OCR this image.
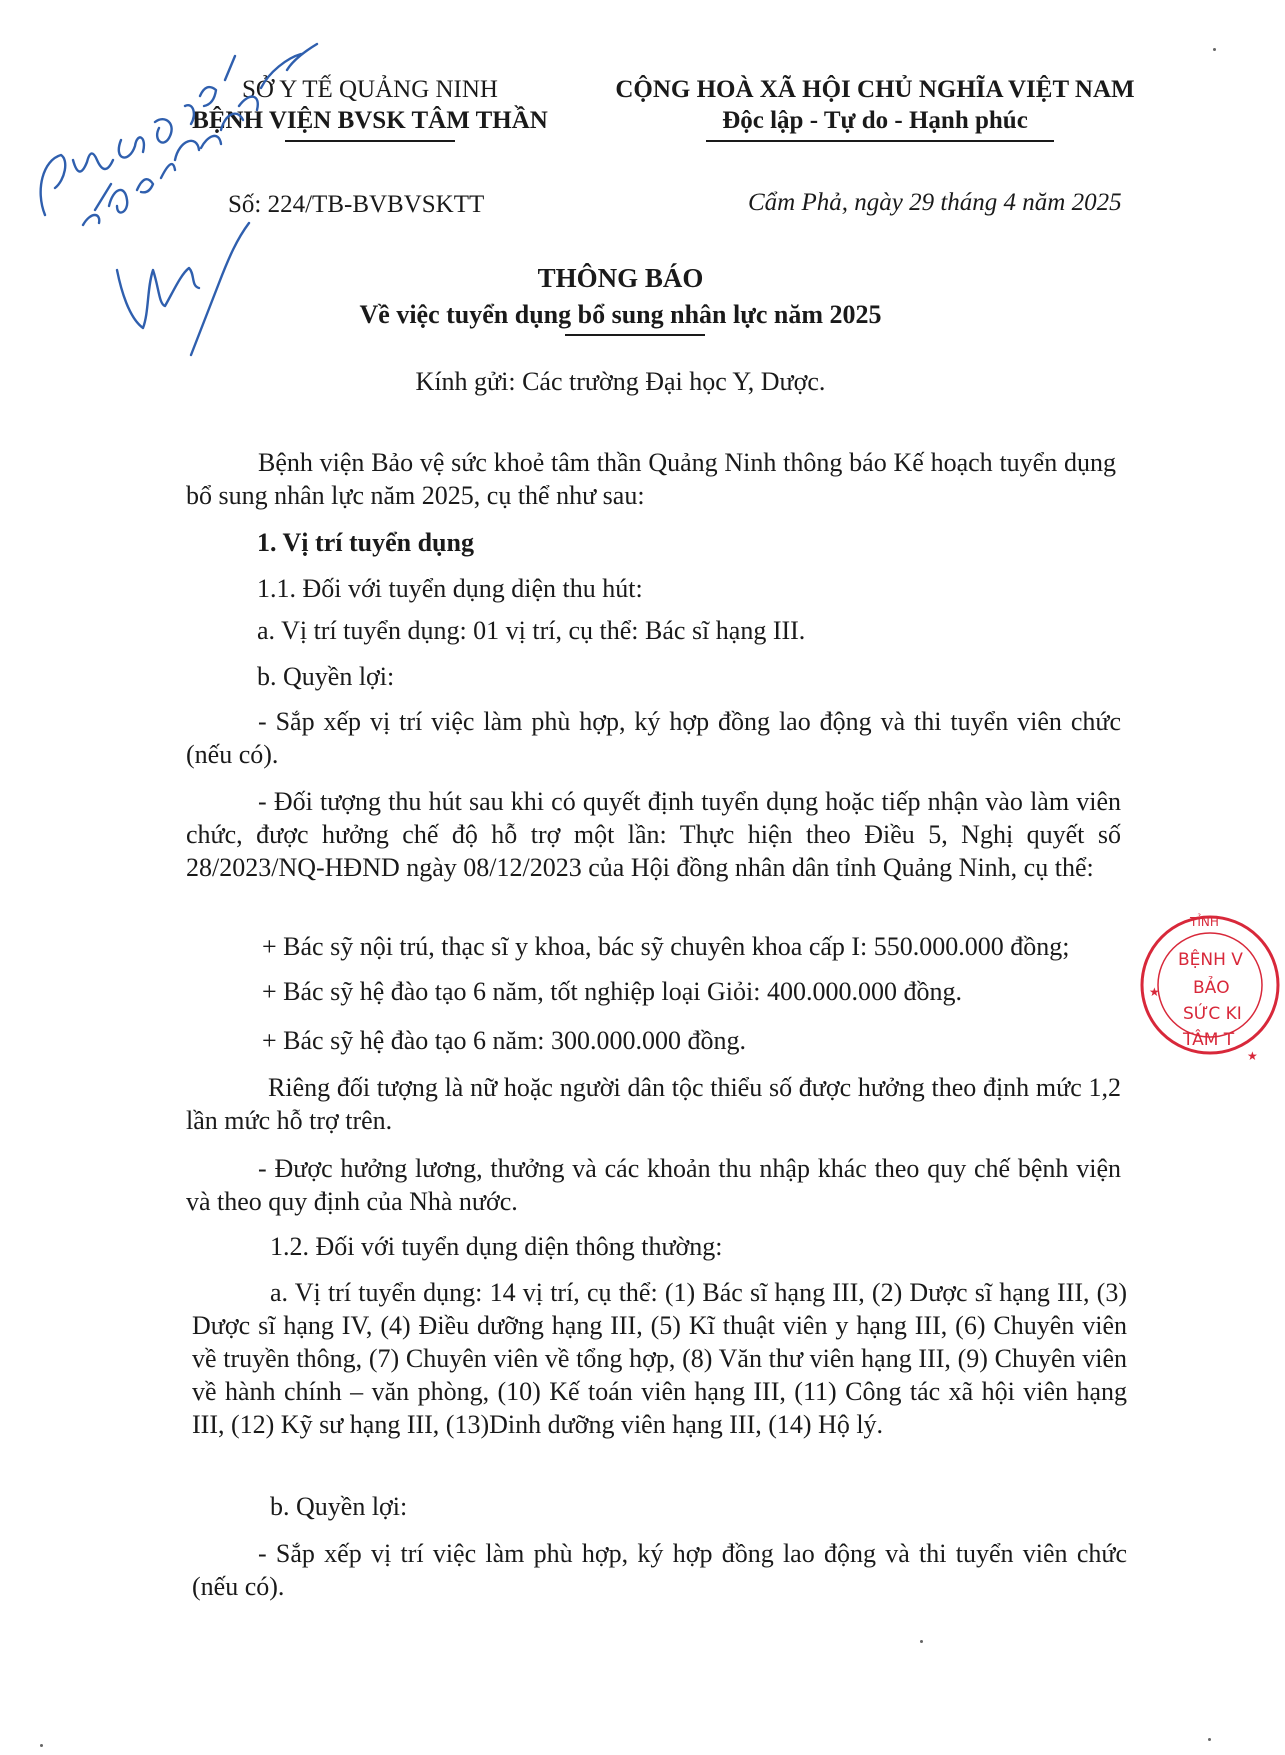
SỞ Y TẾ QUẢNG NINH
BỆNH VIỆN BVSK TÂM THẦN
CỘNG HOÀ XÃ HỘI CHỦ NGHĨA VIỆT NAM
Độc lập - Tự do - Hạnh phúc
Số: 224/TB-BVBVSKTT	Cẩm Phả, ngày 29 tháng 4 năm 2025
THÔNG BÁO
Về việc tuyển dụng bổ sung nhân lực năm 2025
Kính gửi: Các trường Đại học Y, Dược.
Bệnh viện Bảo vệ sức khoẻ tâm thần Quảng Ninh thông báo Kế hoạch tuyển dụng bổ sung nhân lực năm 2025, cụ thể như sau:
1. Vị trí tuyển dụng
1.1. Đối với tuyển dụng diện thu hút:
a. Vị trí tuyển dụng: 01 vị trí, cụ thể: Bác sĩ hạng III.
b. Quyền lợi:
- Sắp xếp vị trí việc làm phù hợp, ký hợp đồng lao động và thi tuyển viên chức (nếu có).
- Đối tượng thu hút sau khi có quyết định tuyển dụng hoặc tiếp nhận vào làm viên chức, được hưởng chế độ hỗ trợ một lần: Thực hiện theo Điều 5, Nghị quyết số 28/2023/NQ-HĐND ngày 08/12/2023 của Hội đồng nhân dân tỉnh Quảng Ninh, cụ thể:
+ Bác sỹ nội trú, thạc sĩ y khoa, bác sỹ chuyên khoa cấp I: 550.000.000 đồng;
+ Bác sỹ hệ đào tạo 6 năm, tốt nghiệp loại Giỏi: 400.000.000 đồng.
+ Bác sỹ hệ đào tạo 6 năm: 300.000.000 đồng.
Riêng đối tượng là nữ hoặc người dân tộc thiểu số được hưởng theo định mức 1,2 lần mức hỗ trợ trên.
- Được hưởng lương, thưởng và các khoản thu nhập khác theo quy chế bệnh viện và theo quy định của Nhà nước.
1.2. Đối với tuyển dụng diện thông thường:
a. Vị trí tuyển dụng: 14 vị trí, cụ thể: (1) Bác sĩ hạng III, (2) Dược sĩ hạng III, (3) Dược sĩ hạng IV, (4) Điều dưỡng hạng III, (5) Kĩ thuật viên y hạng III, (6) Chuyên viên về truyền thông, (7) Chuyên viên về tổng hợp, (8) Văn thư viên hạng III, (9) Chuyên viên về hành chính – văn phòng, (10) Kế toán viên hạng III, (11) Công tác xã hội viên hạng III, (12) Kỹ sư hạng III, (13)Dinh dưỡng viên hạng III, (14) Hộ lý.
b. Quyền lợi:
- Sắp xếp vị trí việc làm phù hợp, ký hợp đồng lao động và thi tuyển viên chức (nếu có).
★
★
TỈNH
BỆNH V
BẢO
SỨC KI
TÂM T
